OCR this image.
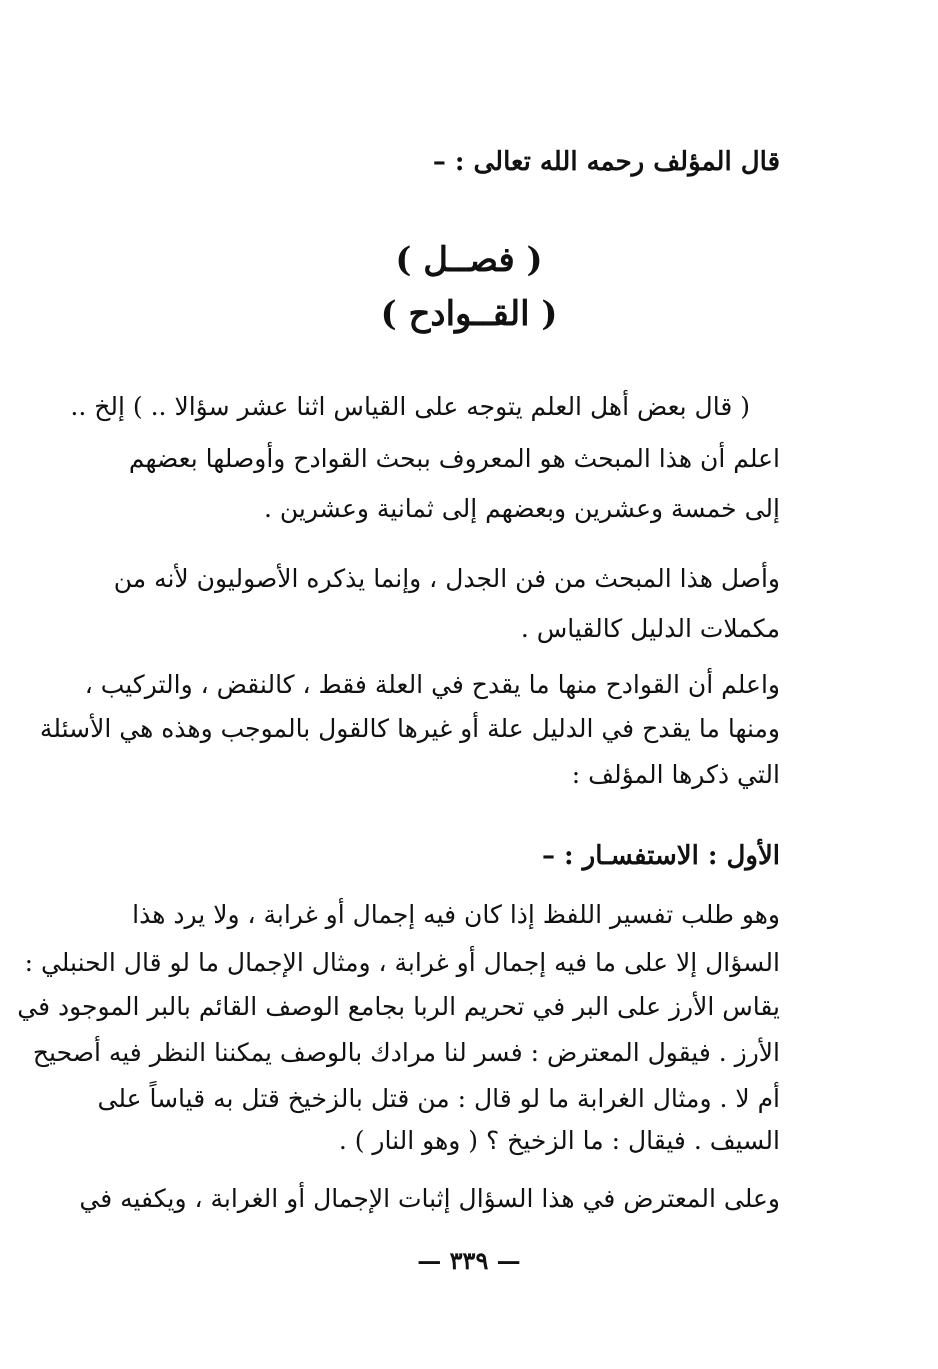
قال المؤلف رحمه الله تعالى : –
( فصــل )
( القــوادح )
( قال بعض أهل العلم يتوجه على القياس اثنا عشر سؤالا .. ) إلخ ..
اعلم أن هذا المبحث هو المعروف ببحث القوادح وأوصلها بعضهم
إلى خمسة وعشرين وبعضهم إلى ثمانية وعشرين .
وأصل هذا المبحث من فن الجدل ، وإنما يذكره الأصوليون لأنه من
مكملات الدليل كالقياس .
واعلم أن القوادح منها ما يقدح في العلة فقط ، كالنقض ، والتركيب ،
ومنها ما يقدح في الدليل علة أو غيرها كالقول بالموجب وهذه هي الأسئلة
التي ذكرها المؤلف :
الأول : الاستفسـار : –
وهو طلب تفسير اللفظ إذا كان فيه إجمال أو غرابة ، ولا يرد هذا
السؤال إلا على ما فيه إجمال أو غرابة ، ومثال الإجمال ما لو قال الحنبلي :
يقاس الأرز على البر في تحريم الربا بجامع الوصف القائم بالبر الموجود في
الأرز . فيقول المعترض : فسر لنا مرادك بالوصف يمكننا النظر فيه أصحيح
أم لا . ومثال الغرابة ما لو قال : من قتل بالزخيخ قتل به قياساً على
السيف . فيقال : ما الزخيخ ؟ ( وهو النار ) .
وعلى المعترض في هذا السؤال إثبات الإجمال أو الغرابة ، ويكفيه في
— ٣٣٩ —
